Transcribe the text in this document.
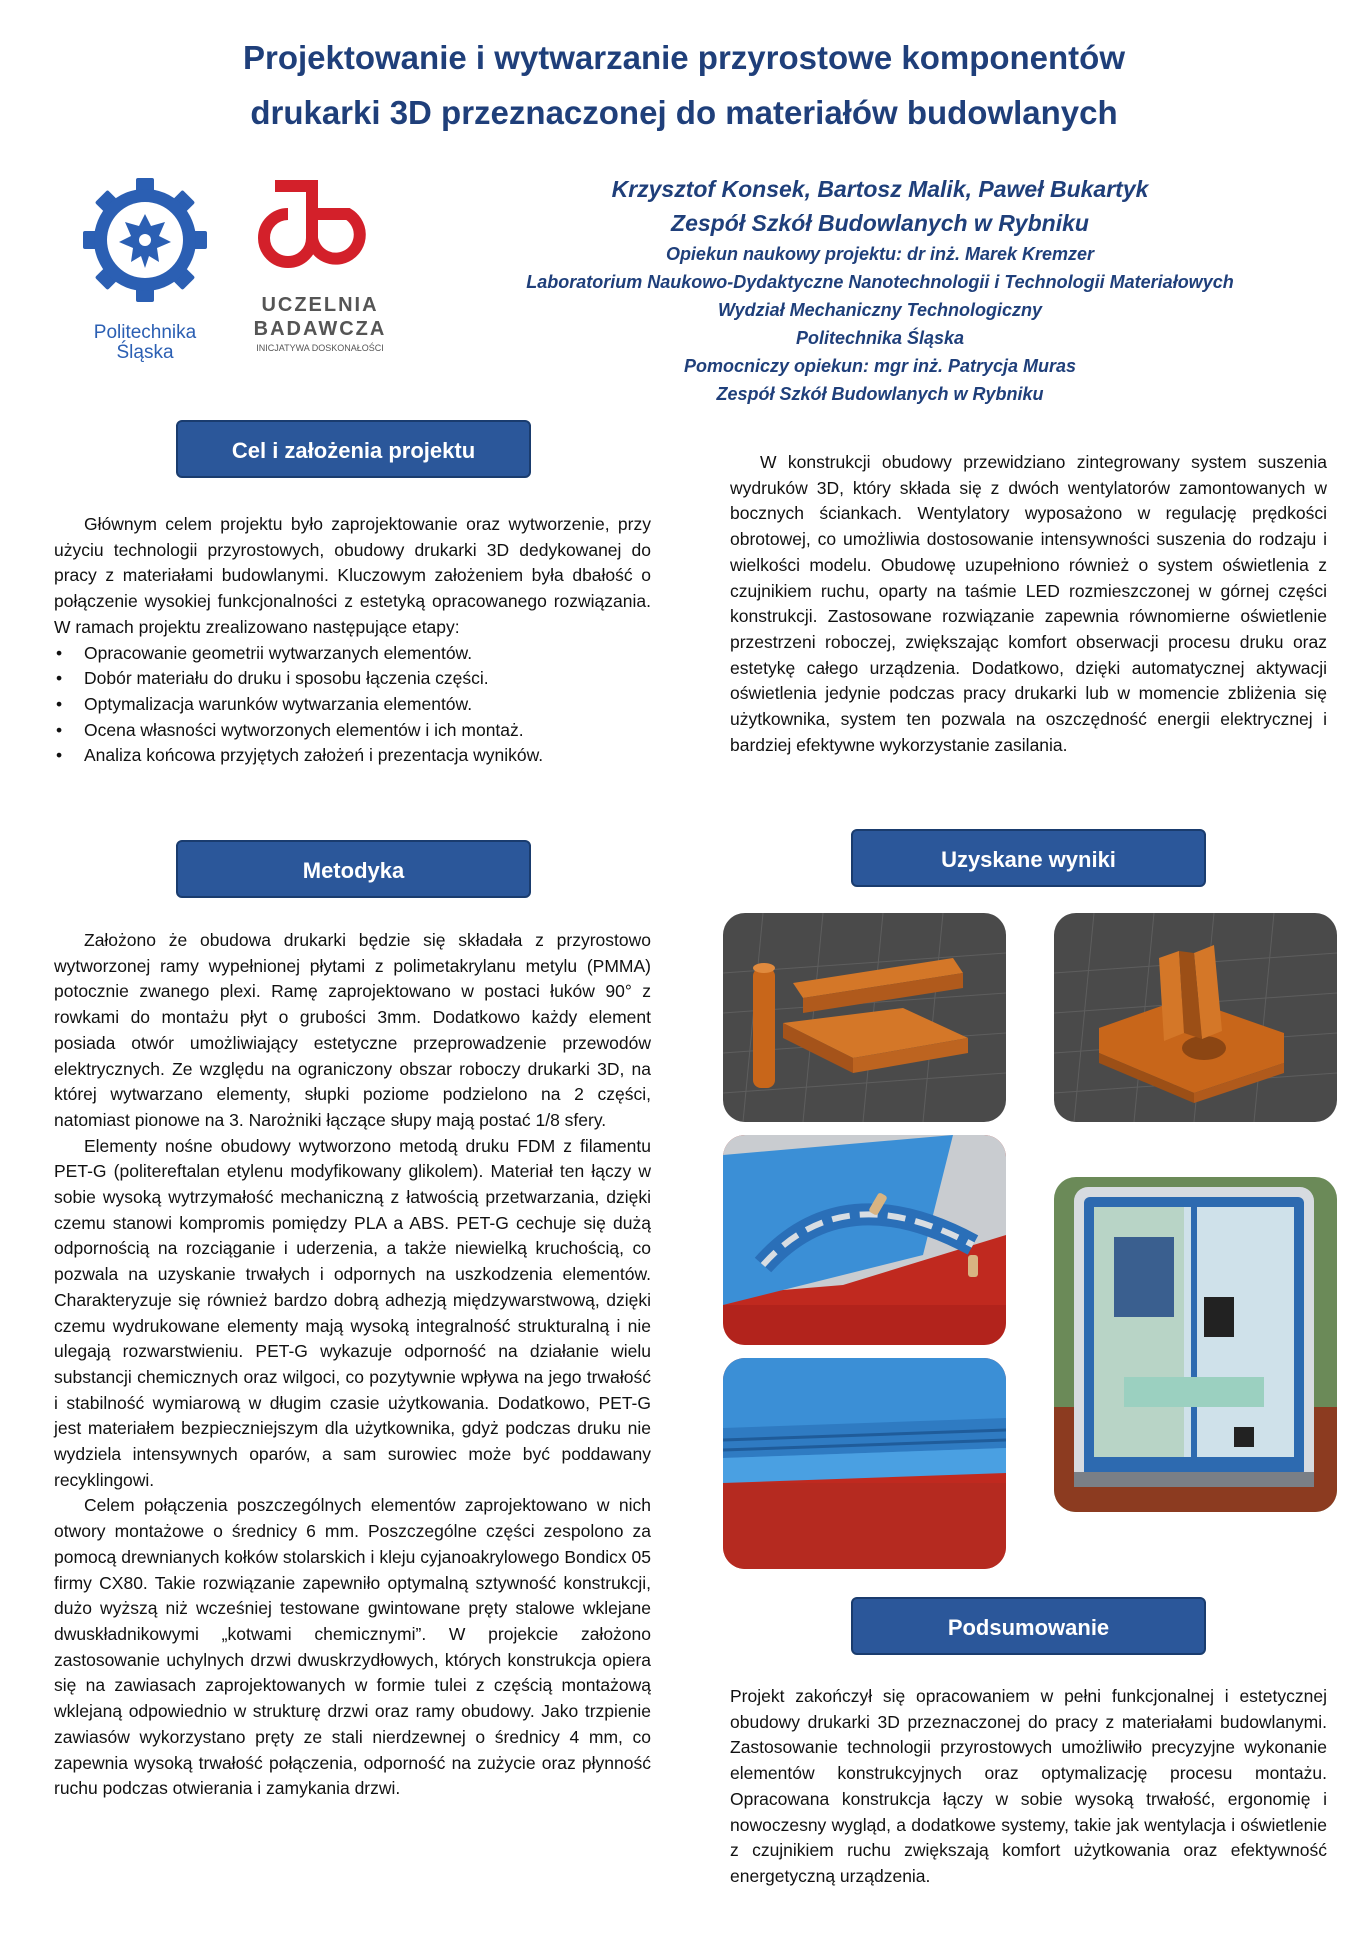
Projektowanie i wytwarzanie przyrostowe komponentów
drukarki 3D przeznaczonej do materiałów budowlanych
Politechnika
Śląska
UCZELNIA
BADAWCZA
INICJATYWA DOSKONAŁOŚCI
Krzysztof Konsek, Bartosz Malik, Paweł Bukartyk
Zespół Szkół Budowlanych w Rybniku
Opiekun naukowy projektu: dr inż. Marek Kremzer
Laboratorium Naukowo-Dydaktyczne Nanotechnologii i Technologii Materiałowych
Wydział Mechaniczny Technologiczny
Politechnika Śląska
Pomocniczy opiekun: mgr inż. Patrycja Muras
Zespół Szkół Budowlanych w Rybniku
Cel i założenia projektu

Głównym celem projektu było zaprojektowanie oraz wytworzenie, przy użyciu technologii przyrostowych, obudowy drukarki 3D dedykowanej do pracy z materiałami budowlanymi. Kluczowym założeniem była dbałość o połączenie wysokiej funkcjonalności z estetyką opracowanego rozwiązania. W ramach projektu zrealizowano następujące etapy:

• Opracowanie geometrii wytwarzanych elementów.
• Dobór materiału do druku i sposobu łączenia części.
• Optymalizacja warunków wytwarzania elementów.
• Ocena własności wytworzonych elementów i ich montaż.
• Analiza końcowa przyjętych założeń i prezentacja wyników.
Metodyka

Założono że obudowa drukarki będzie się składała z przyrostowo wytworzonej ramy wypełnionej płytami z polimetakrylanu metylu (PMMA) potocznie zwanego plexi. Ramę zaprojektowano w postaci łuków 90° z rowkami do montażu płyt o grubości 3mm. Dodatkowo każdy element posiada otwór umożliwiający estetyczne przeprowadzenie przewodów elektrycznych. Ze względu na ograniczony obszar roboczy drukarki 3D, na której wytwarzano elementy, słupki poziome podzielono na 2 części, natomiast pionowe na 3. Narożniki łączące słupy mają postać 1/8 sfery.

Elementy nośne obudowy wytworzono metodą druku FDM z filamentu PET-G (politereftalan etylenu modyfikowany glikolem). Materiał ten łączy w sobie wysoką wytrzymałość mechaniczną z łatwością przetwarzania, dzięki czemu stanowi kompromis pomiędzy PLA a ABS. PET-G cechuje się dużą odpornością na rozciąganie i uderzenia, a także niewielką kruchością, co pozwala na uzyskanie trwałych i odpornych na uszkodzenia elementów. Charakteryzuje się również bardzo dobrą adhezją międzywarstwową, dzięki czemu wydrukowane elementy mają wysoką integralność strukturalną i nie ulegają rozwarstwieniu. PET-G wykazuje odporność na działanie wielu substancji chemicznych oraz wilgoci, co pozytywnie wpływa na jego trwałość i stabilność wymiarową w długim czasie użytkowania. Dodatkowo, PET-G jest materiałem bezpieczniejszym dla użytkownika, gdyż podczas druku nie wydziela intensywnych oparów, a sam surowiec może być poddawany recyklingowi.

Celem połączenia poszczególnych elementów zaprojektowano w nich otwory montażowe o średnicy 6 mm. Poszczególne części zespolono za pomocą drewnianych kołków stolarskich i kleju cyjanoakrylowego Bondicx 05 firmy CX80. Takie rozwiązanie zapewniło optymalną sztywność konstrukcji, dużo wyższą niż wcześniej testowane gwintowane pręty stalowe wklejane dwuskładnikowymi „kotwami chemicznymi”. W projekcie założono zastosowanie uchylnych drzwi dwuskrzydłowych, których konstrukcja opiera się na zawiasach zaprojektowanych w formie tulei z częścią montażową wklejaną odpowiednio w strukturę drzwi oraz ramy obudowy. Jako trzpienie zawiasów wykorzystano pręty ze stali nierdzewnej o średnicy 4 mm, co zapewnia wysoką trwałość połączenia, odporność na zużycie oraz płynność ruchu podczas otwierania i zamykania drzwi.

W konstrukcji obudowy przewidziano zintegrowany system suszenia wydruków 3D, który składa się z dwóch wentylatorów zamontowanych w bocznych ściankach. Wentylatory wyposażono w regulację prędkości obrotowej, co umożliwia dostosowanie intensywności suszenia do rodzaju i wielkości modelu. Obudowę uzupełniono również o system oświetlenia z czujnikiem ruchu, oparty na taśmie LED rozmieszczonej w górnej części konstrukcji. Zastosowane rozwiązanie zapewnia równomierne oświetlenie przestrzeni roboczej, zwiększając komfort obserwacji procesu druku oraz estetykę całego urządzenia. Dodatkowo, dzięki automatycznej aktywacji oświetlenia jedynie podczas pracy drukarki lub w momencie zbliżenia się użytkownika, system ten pozwala na oszczędność energii elektrycznej i bardziej efektywne wykorzystanie zasilania.

Uzyskane wyniki
Podsumowanie

Projekt zakończył się opracowaniem w pełni funkcjonalnej i estetycznej obudowy drukarki 3D przeznaczonej do pracy z materiałami budowlanymi. Zastosowanie technologii przyrostowych umożliwiło precyzyjne wykonanie elementów konstrukcyjnych oraz optymalizację procesu montażu. Opracowana konstrukcja łączy w sobie wysoką trwałość, ergonomię i nowoczesny wygląd, a dodatkowe systemy, takie jak wentylacja i oświetlenie z czujnikiem ruchu zwiększają komfort użytkowania oraz efektywność energetyczną urządzenia.
